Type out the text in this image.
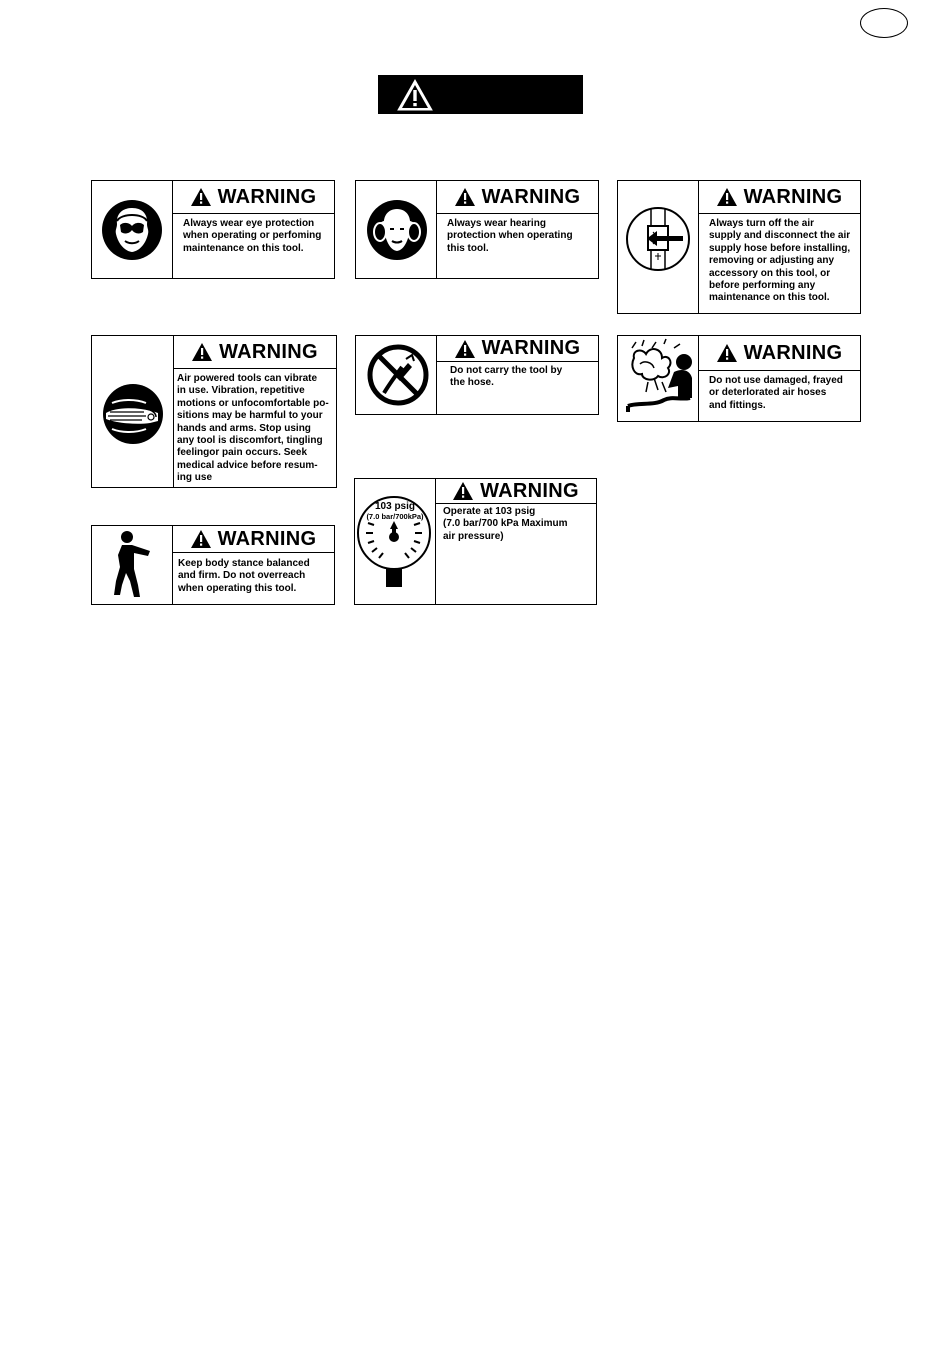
WARNING
Always wear eye protection
when operating or perfoming
maintenance on this tool.
WARNING
Always wear hearing
protection when operating
this tool.
WARNING
Always turn off the air
supply and disconnect the air
supply hose before installing,
removing or adjusting any
accessory on this tool, or
before performing any
maintenance on this tool.
WARNING
Air powered tools can vibrate
in use. Vibration, repetitive
motions or unfocomfortable po-
sitions may be harmful to your
hands and arms. Stop using
any tool is discomfort, tingling
feelingor pain occurs. Seek
medical advice before resum-
ing use
WARNING
Do not carry the tool by
the hose.
WARNING
Do not use damaged, frayed
or deterlorated air hoses
and fittings.
WARNING
Keep body stance balanced
and firm. Do not overreach
when operating this tool.
103 psig
(7.0 bar/700kPa)
WARNING
Operate at 103 psig
(7.0 bar/700 kPa Maximum
air pressure)
